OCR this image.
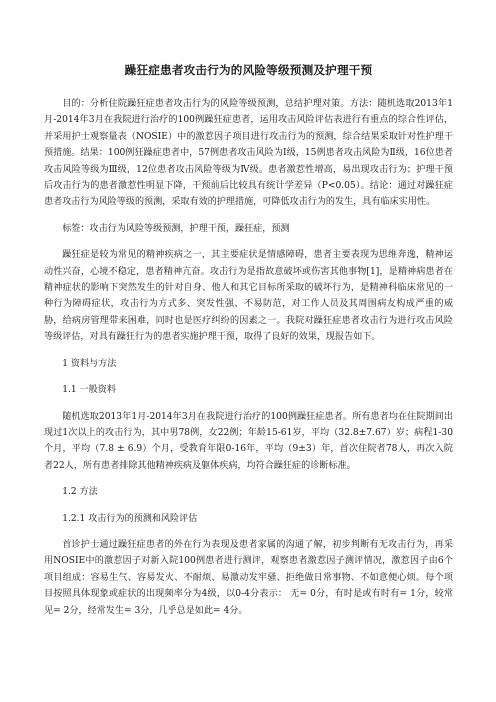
躁狂症患者攻击行为的风险等级预测及护理干预

目的：分析住院躁狂症患者攻击行为的风险等级预测，总结护理对策。方法：随机选取2013年1月-2014年3月在我院进行治疗的100例躁狂症患者，运用攻击风险评估表进行有重点的综合性评估，并采用护士观察量表（NOSIE）中的激惹因子项目进行攻击行为的预测，综合结果采取针对性护理干预措施。结果：100例狂躁症患者中，57例患者攻击风险为Ⅰ级，15例患者攻击风险为Ⅱ级，16位患者攻击风险等级为Ⅲ级，12位患者攻击风险等级为Ⅳ级。患者激惹性增高，易出现攻击行为；护理干预后攻击行为的患者激惹性明显下降，干预前后比较具有统计学差异（P<0.05）。结论：通过对躁狂症患者攻击行为风险等级的预测，采取有效的护理措施，可降低攻击行为的发生，具有临床实用性。

标签：攻击行为风险等级预测，护理干预，躁狂症，预测

躁狂症是较为常见的精神疾病之一，其主要症状是情感障碍，患者主要表现为思维奔逸，精神运动性兴奋，心境不稳定，患者精神亢奋。攻击行为是指故意破坏或伤害其他事物[1]，是精神病患者在精神症状的影响下突然发生的针对自身、他人和其它目标所采取的破坏行为，是精神科临床常见的一种行为障碍症状，攻击行为方式多、突发性强、不易防范，对工作人员及其周围病友构成严重的威胁，给病房管理带来困难，同时也是医疗纠纷的因素之一。我院对躁狂症患者攻击行为进行攻击风险等级评估，对具有躁狂行为的患者实施护理干预，取得了良好的效果，现报告如下。

1 资料与方法

1.1 一般资料

随机选取2013年1月-2014年3月在我院进行治疗的100例躁狂症患者。所有患者均在住院期间出现过1次以上的攻击行为，其中男78例，女22例；年龄15-61岁，平均（32.8±7.67）岁；病程1-30个月，平均（7.8 ± 6.9）个月，受教育年限0-16年，平均（9±3）年，首次住院者78人，再次入院者22人，所有患者排除其他精神疾病及躯体疾病，均符合躁狂症的诊断标准。

1.2 方法

1.2.1 攻击行为的预测和风险评估

首诊护士通过躁狂症患者的外在行为表现及患者家属的沟通了解，初步判断有无攻击行为，再采用NOSIE中的激惹因子对新入院100例患者进行测评，观察患者激惹因子测评情况，激惹因子由6个项目组成：容易生气、容易发火、不耐烦、易激动发牢骚、拒绝做日常事物、不如意便心烦。每个项目按照具体现象或症状的出现频率分为4级，以0-4分表示： 无= 0分，有时是或有时有= 1分，较常见= 2分，经常发生= 3分，几乎总是如此= 4分。
